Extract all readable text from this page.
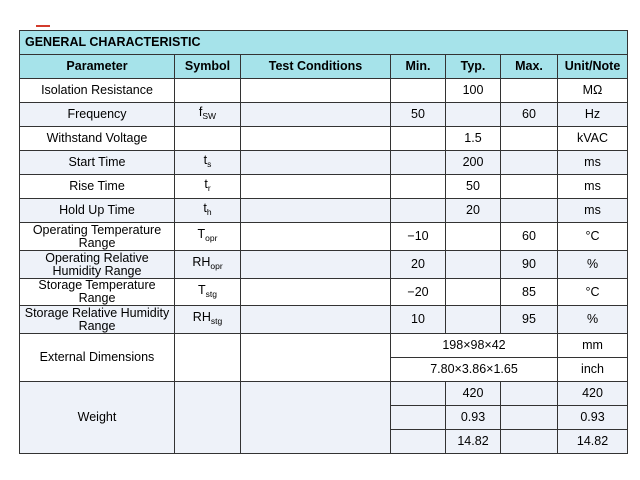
GENERAL CHARACTERISTIC						
Parameter	Symbol	Test Conditions	Min.	Typ.	Max.	Unit/Note
Isolation Resistance				100		MΩ
Frequency	$f_{SW}$		50		60	Hz
Withstand Voltage				1.5		kVAC
Start Time	$t_s$			200		ms
Rise Time	$t_r$			50		ms
Hold Up Time	$t_h$			20		ms
Operating Temperature Range	$T_{opr}$		−10		60	°C
Operating Relative Humidity Range	$RH_{opr}$		20		90	%
Storage Temperature Range	$T_{stg}$		−20		85	°C
Storage Relative Humidity Range	$RH_{stg}$		10		95	%
External Dimensions			198×98×42			mm
			7.80×3.86×1.65			inch
Weight				420		420
				0.93		0.93
				14.82		14.82
